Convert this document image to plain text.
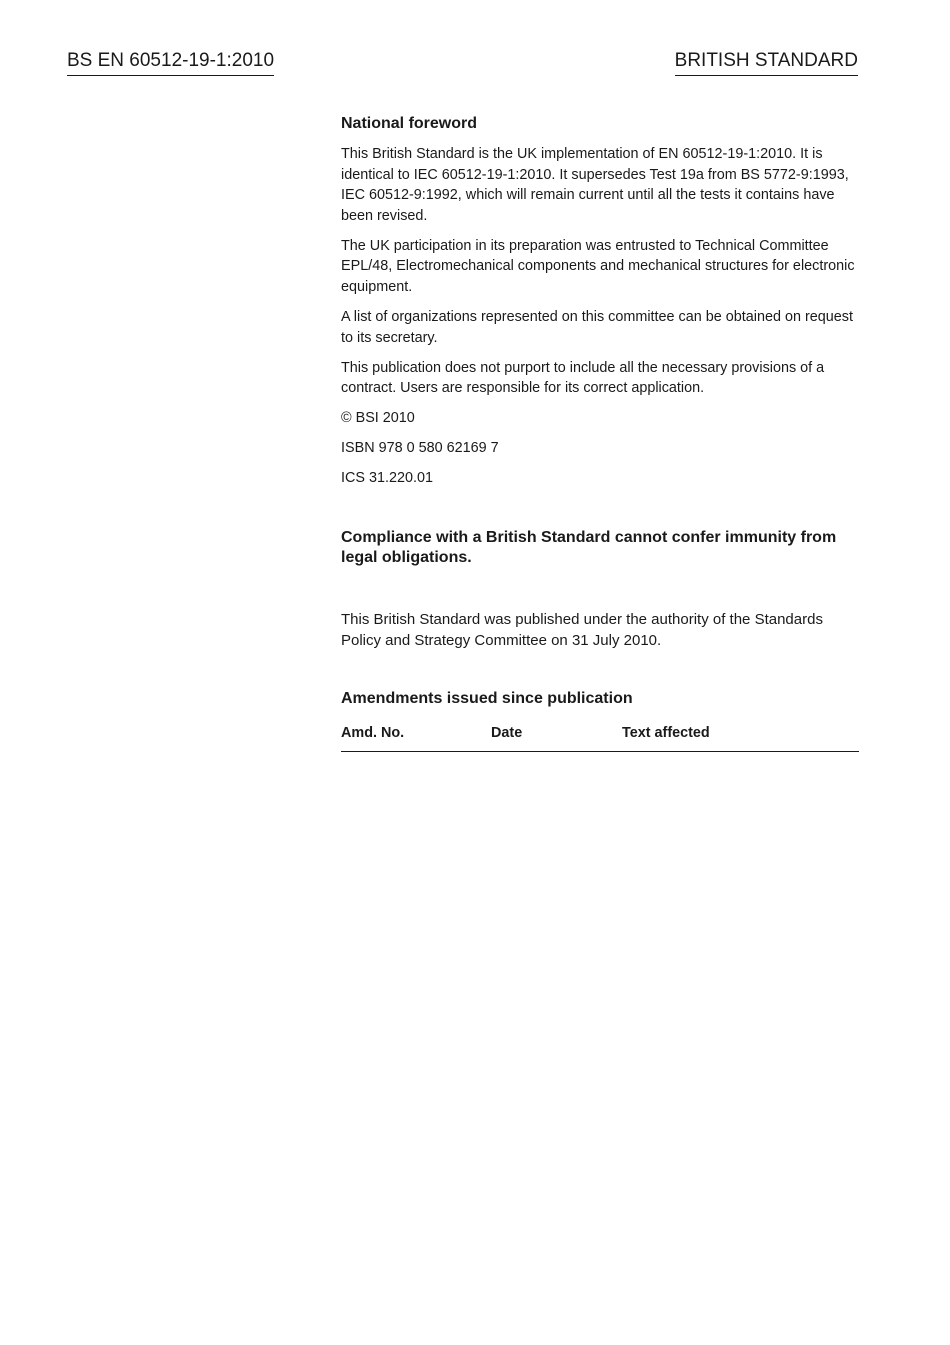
BS EN 60512-19-1:2010	BRITISH STANDARD
National foreword

This British Standard is the UK implementation of EN 60512-19-1:2010. It is identical to IEC 60512-19-1:2010. It supersedes Test 19a from BS 5772-9:1993, IEC 60512-9:1992, which will remain current until all the tests it contains have been revised.

The UK participation in its preparation was entrusted to Technical Committee EPL/48, Electromechanical components and mechanical structures for electronic equipment.

A list of organizations represented on this committee can be obtained on request to its secretary.

This publication does not purport to include all the necessary provisions of a contract. Users are responsible for its correct application.

© BSI 2010

ISBN 978 0 580 62169 7

ICS 31.220.01

Compliance with a British Standard cannot confer immunity from legal obligations.
This British Standard was published under the authority of the Standards Policy and Strategy Committee on 31 July 2010.
Amendments issued since publication
Amd. No.	Date	Text affected
